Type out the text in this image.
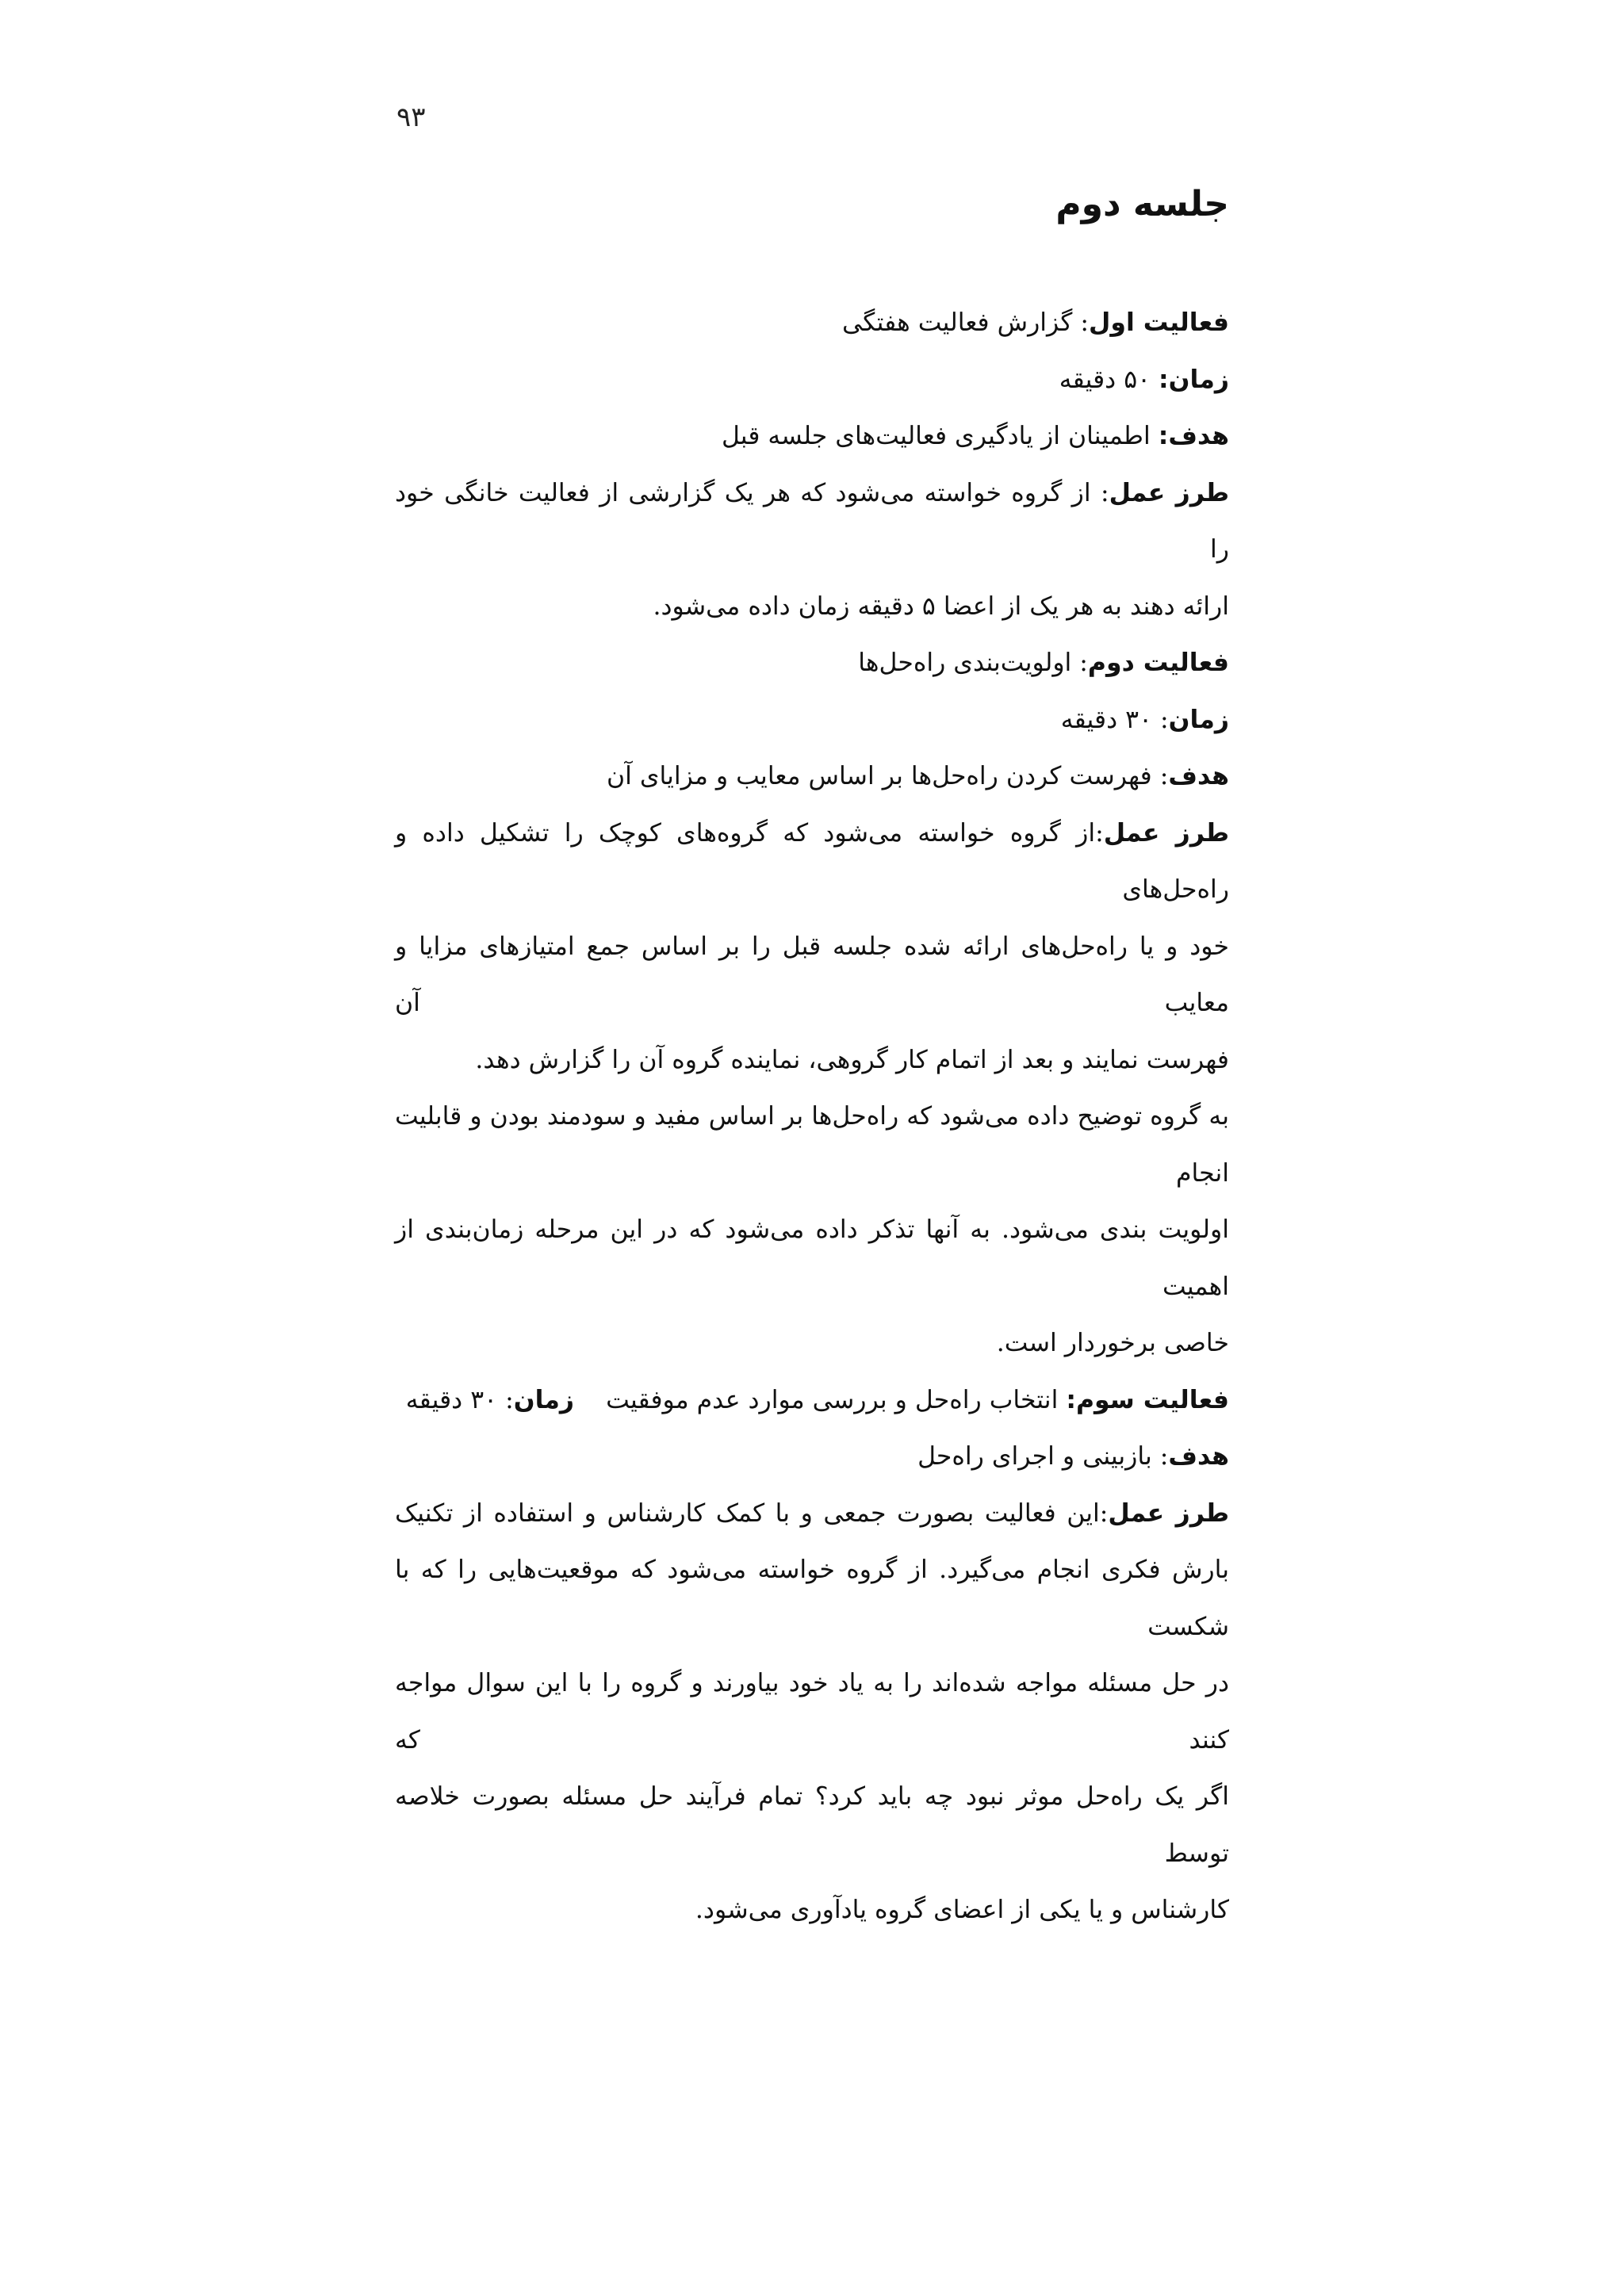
۹۳
جلسه دوم
فعالیت اول: گزارش فعالیت هفتگی
زمان: ۵۰ دقیقه
هدف: اطمینان از یادگیری فعالیت‌های جلسه قبل
طرز عمل: از گروه خواسته می‌شود که هر یک گزارشی از فعالیت خانگی خود را
ارائه دهند به هر یک از اعضا ۵ دقیقه زمان داده می‌شود.
فعالیت دوم: اولویت‌بندی راه‌حل‌ها
زمان: ۳۰ دقیقه
هدف: فهرست کردن راه‌حل‌ها بر اساس معایب و مزایای آن
طرز عمل:از گروه خواسته می‌شود که گروه‌های کوچک را تشکیل داده و راه‌حل‌های
خود و یا راه‌حل‌های ارائه شده جلسه قبل را بر اساس جمع امتیازهای مزایا و معایب آن
فهرست نمایند و بعد از اتمام کار گروهی، نماینده گروه آن را گزارش دهد.
به گروه توضیح داده می‌شود که راه‌حل‌ها بر اساس مفید و سودمند بودن و قابلیت انجام
اولویت بندی می‌شود. به آنها تذکر داده می‌شود که در این مرحله زمان‌بندی از اهمیت
خاصی برخوردار است.
فعالیت سوم: انتخاب راه‌حل و بررسی موارد عدم موفقیتزمان: ۳۰ دقیقه
هدف: بازبینی و اجرای راه‌حل
طرز عمل:این فعالیت بصورت جمعی و با کمک کارشناس و استفاده از تکنیک
بارش فکری انجام می‌گیرد. از گروه خواسته می‌شود که موقعیت‌هایی را که با شکست
در حل مسئله مواجه شده‌اند را به یاد خود بیاورند و گروه را با این سوال مواجه کنند که
اگر یک راه‌حل موثر نبود چه باید کرد؟ تمام فرآیند حل مسئله بصورت خلاصه توسط
کارشناس و یا یکی از اعضای گروه یادآوری می‌شود.
